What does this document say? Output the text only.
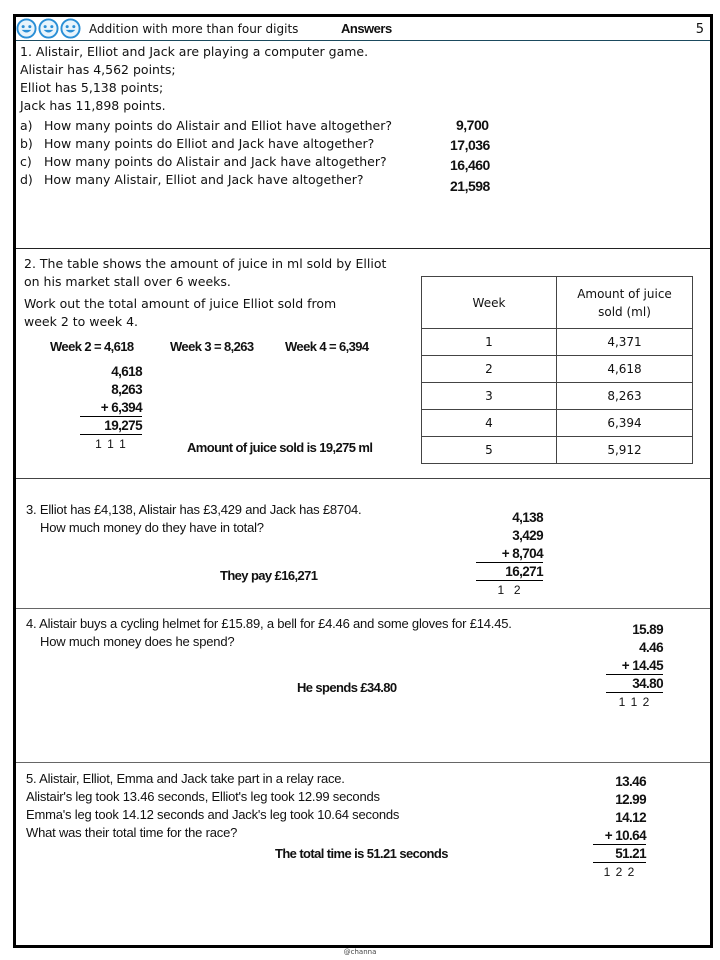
Addition with more than four digits	Answers	5
1. Alistair, Elliot and Jack are playing a computer game.
Alistair has 4,562 points;
Elliot has 5,138 points;
Jack has 11,898 points.
a) How many points do Alistair and Elliot have altogether?	9,700
b) How many points do Elliot and Jack have altogether?	17,036
c) How many points do Alistair and Jack have altogether?	16,460
d) How many Alistair, Elliot and Jack have altogether?	21,598
2. The table shows the amount of juice in ml sold by Elliot
on his market stall over 6 weeks.
Work out the total amount of juice Elliot sold from
week 2 to week 4.
Week 2 = 4,618	Week 3 = 8,263 Week 4 = 6,394
4,618
8,263
+ 6,394
19,275
1 1 1	Amount of juice sold is 19,275 ml
Week	Amount of juice
sold (ml)
1	4,371
2	4,618
3	8,263
4	6,394
5	5,912
3. Elliot has £4,138, Alistair has £3,429 and Jack has £8704.
How much money do they have in total?
4,138
3,429
+ 8,704
16,271
1  2
They pay £16,271
4. Alistair buys a cycling helmet for £15.89, a bell for £4.46 and some gloves for £14.45.
How much money does he spend?
15.89
4.46
+ 14.45
34.80
1 1 2
He spends £34.80
5. Alistair, Elliot, Emma and Jack take part in a relay race.
Alistair's leg took 13.46 seconds, Elliot's leg took 12.99 seconds
Emma's leg took 14.12 seconds and Jack's leg took 10.64 seconds
What was their total time for the race?
13.46
12.99
14.12
+ 10.64
51.21
1 2 2
The total time is 51.21 seconds
@channa
